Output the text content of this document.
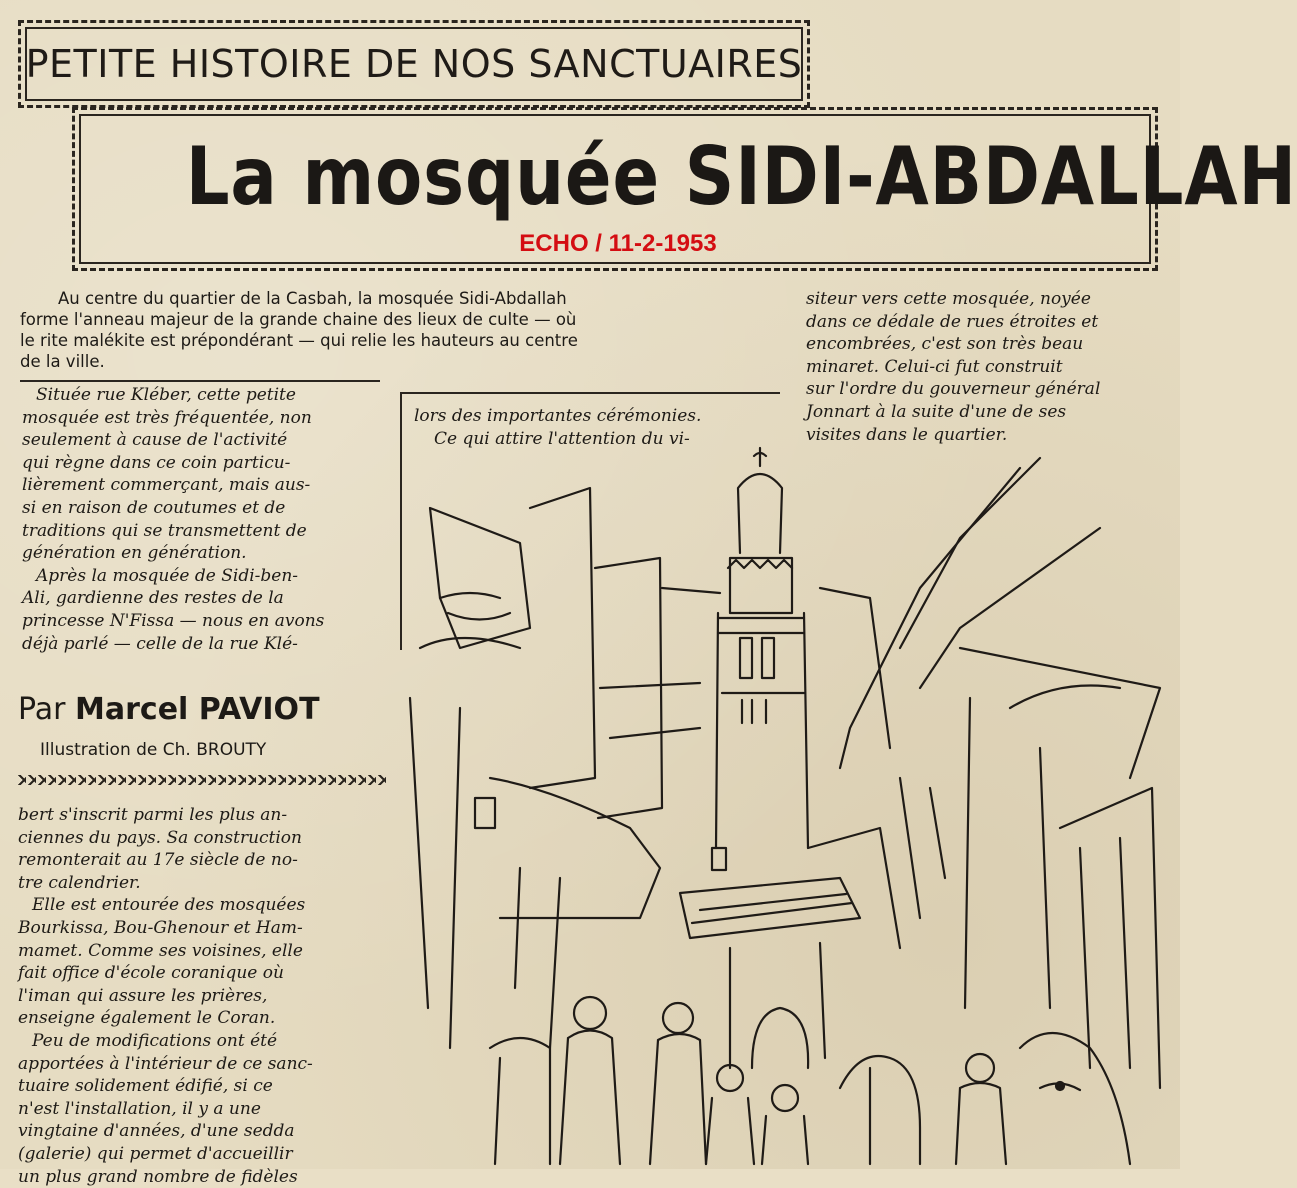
PETITE HISTOIRE DE NOS SANCTUAIRES
La mosquée SIDI-ABDALLAH
ECHO / 11-2-1953

Au centre du quartier de la Casbah, la mosquée Sidi-Abdallah

forme l'anneau majeur de la grande chaine des lieux de culte — où

le rite malékite est prépondérant — qui relie les hauteurs au centre

de la ville.

Située rue Kléber, cette petite

mosquée est très fréquentée, non

seulement à cause de l'activité

qui règne dans ce coin particu-

lièrement commerçant, mais aus-

si en raison de coutumes et de

traditions qui se transmettent de

génération en génération.

Après la mosquée de Sidi-ben-

Ali, gardienne des restes de la

princesse N'Fissa — nous en avons

déjà parlé — celle de la rue Klé-

lors des importantes cérémonies.

Ce qui attire l'attention du vi-

siteur vers cette mosquée, noyée

dans ce dédale de rues étroites et

encombrées, c'est son très beau

minaret. Celui-ci fut construit

sur l'ordre du gouverneur général

Jonnart à la suite d'une de ses

visites dans le quartier.

Par Marcel PAVIOT
Illustration de Ch. BROUTY

bert s'inscrit parmi les plus an-

ciennes du pays. Sa construction

remonterait au 17e siècle de no-

tre calendrier.

Elle est entourée des mosquées

Bourkissa, Bou-Ghenour et Ham-

mamet. Comme ses voisines, elle

fait office d'école coranique où

l'iman qui assure les prières,

enseigne également le Coran.

Peu de modifications ont été

apportées à l'intérieur de ce sanc-

tuaire solidement édifié, si ce

n'est l'installation, il y a une

vingtaine d'années, d'une sedda

(galerie) qui permet d'accueillir

un plus grand nombre de fidèles
